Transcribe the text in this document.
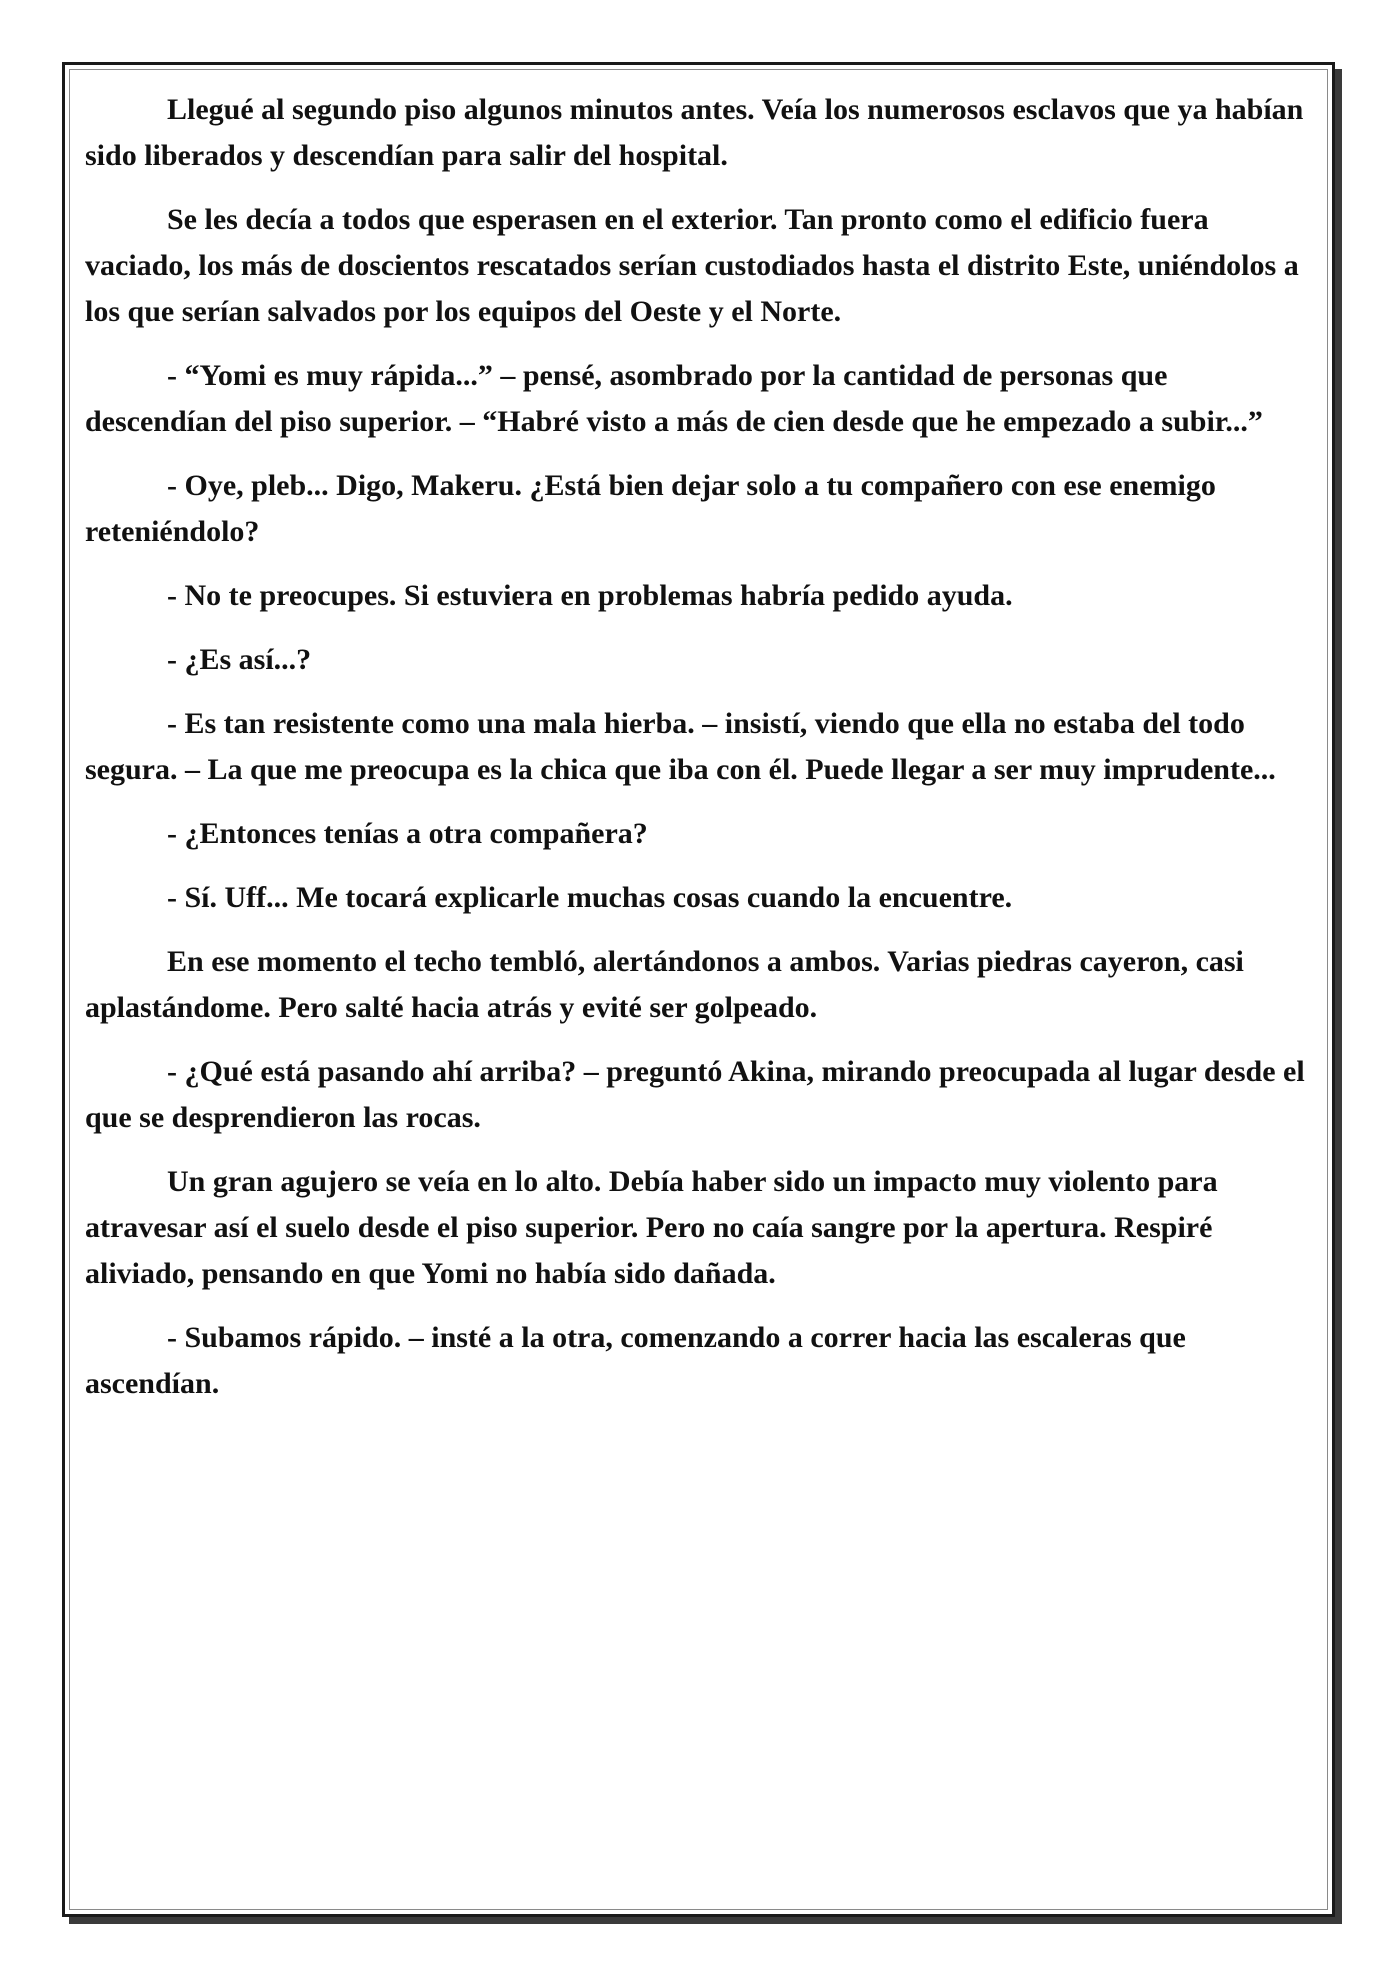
Llegué al segundo piso algunos minutos antes. Veía los numerosos esclavos que ya habían sido liberados y descendían para salir del hospital.

Se les decía a todos que esperasen en el exterior. Tan pronto como el edificio fuera vaciado, los más de doscientos rescatados serían custodiados hasta el distrito Este, uniéndolos a los que serían salvados por los equipos del Oeste y el Norte.

- “Yomi es muy rápida...” – pensé, asombrado por la cantidad de personas que descendían del piso superior. – “Habré visto a más de cien desde que he empezado a subir...”

- Oye, pleb... Digo, Makeru. ¿Está bien dejar solo a tu compañero con ese enemigo reteniéndolo?

- No te preocupes. Si estuviera en problemas habría pedido ayuda.

- ¿Es así...?

- Es tan resistente como una mala hierba. – insistí, viendo que ella no estaba del todo segura. – La que me preocupa es la chica que iba con él. Puede llegar a ser muy imprudente...

- ¿Entonces tenías a otra compañera?

- Sí. Uff... Me tocará explicarle muchas cosas cuando la encuentre.

En ese momento el techo tembló, alertándonos a ambos. Varias piedras cayeron, casi aplastándome. Pero salté hacia atrás y evité ser golpeado.

- ¿Qué está pasando ahí arriba? – preguntó Akina, mirando preocupada al lugar desde el que se desprendieron las rocas.

Un gran agujero se veía en lo alto. Debía haber sido un impacto muy violento para atravesar así el suelo desde el piso superior. Pero no caía sangre por la apertura. Respiré aliviado, pensando en que Yomi no había sido dañada.

- Subamos rápido. – insté a la otra, comenzando a correr hacia las escaleras que ascendían.
